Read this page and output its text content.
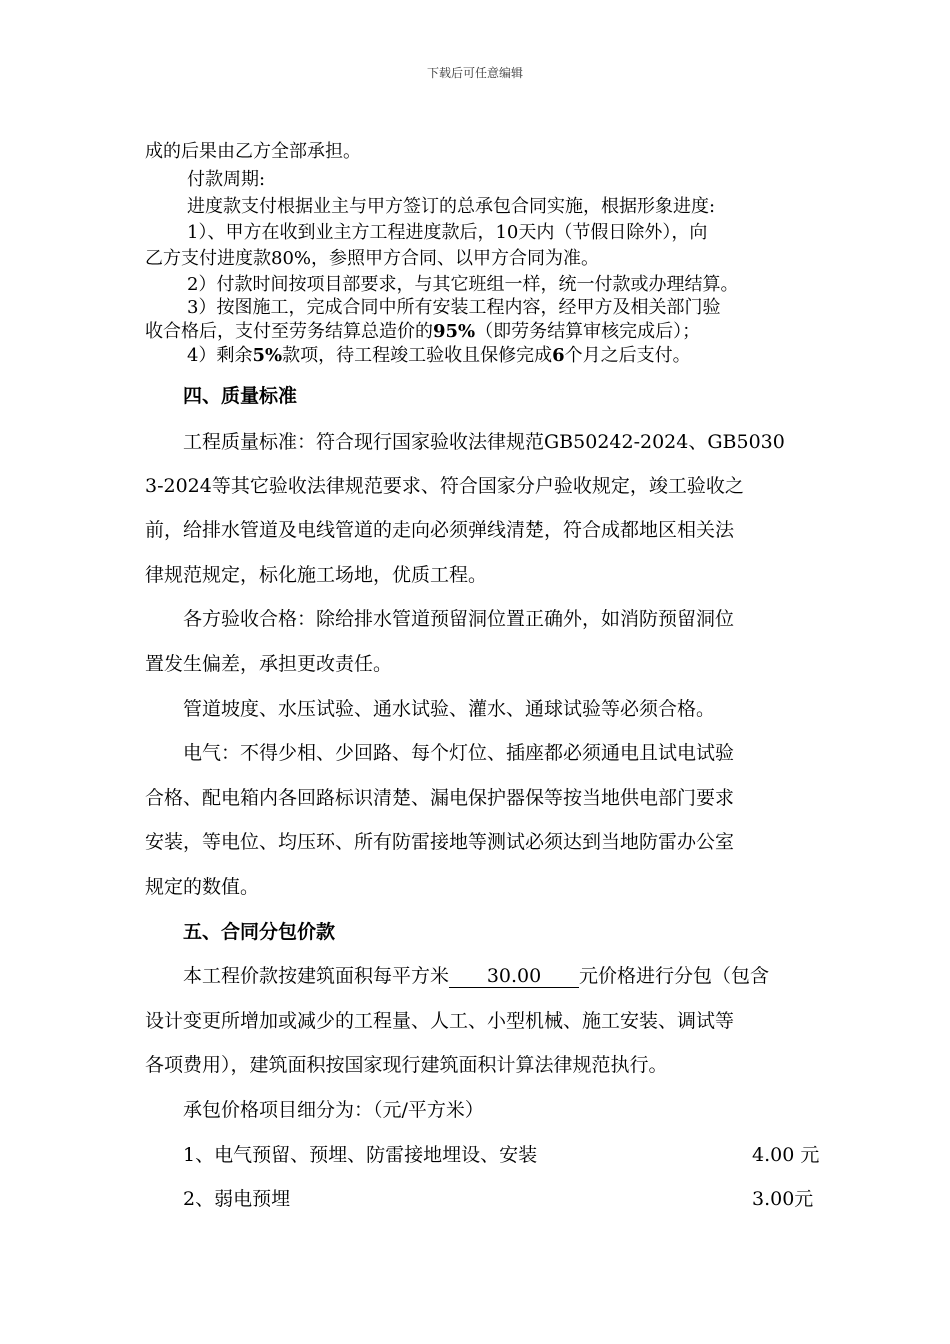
下载后可任意编辑
成的后果由乙方全部承担。
付款周期:
进度款支付根据业主与甲方签订的总承包合同实施，根据形象进度:
1）、甲方在收到业主方工程进度款后，10天内（节假日除外），向
乙方支付进度款80%，参照甲方合同、以甲方合同为准。
2）付款时间按项目部要求，与其它班组一样，统一付款或办理结算。
3）按图施工，完成合同中所有安装工程内容，经甲方及相关部门验
收合格后，支付至劳务结算总造价的95%（即劳务结算审核完成后）；
4）剩余5%款项，待工程竣工验收且保修完成6个月之后支付。
四、质量标准
工程质量标准：符合现行国家验收法律规范GB50242-2024、GB5030
3-2024等其它验收法律规范要求、符合国家分户验收规定，竣工验收之
前，给排水管道及电线管道的走向必须弹线清楚，符合成都地区相关法
律规范规定，标化施工场地，优质工程。
各方验收合格：除给排水管道预留洞位置正确外，如消防预留洞位
置发生偏差，承担更改责任。
管道坡度、水压试验、通水试验、灌水、通球试验等必须合格。
电气：不得少相、少回路、每个灯位、插座都必须通电且试电试验
合格、配电箱内各回路标识清楚、漏电保护器保等按当地供电部门要求
安装，等电位、均压环、所有防雷接地等测试必须达到当地防雷办公室
规定的数值。
五、合同分包价款
本工程价款按建筑面积每平方米 30.00 元价格进行分包（包含
设计变更所增加或减少的工程量、人工、小型机械、施工安装、调试等
各项费用），建筑面积按国家现行建筑面积计算法律规范执行。
承包价格项目细分为：（元/平方米）
1、电气预留、预埋、防雷接地埋设、安装	4.00 元
2、弱电预埋	3.00元
